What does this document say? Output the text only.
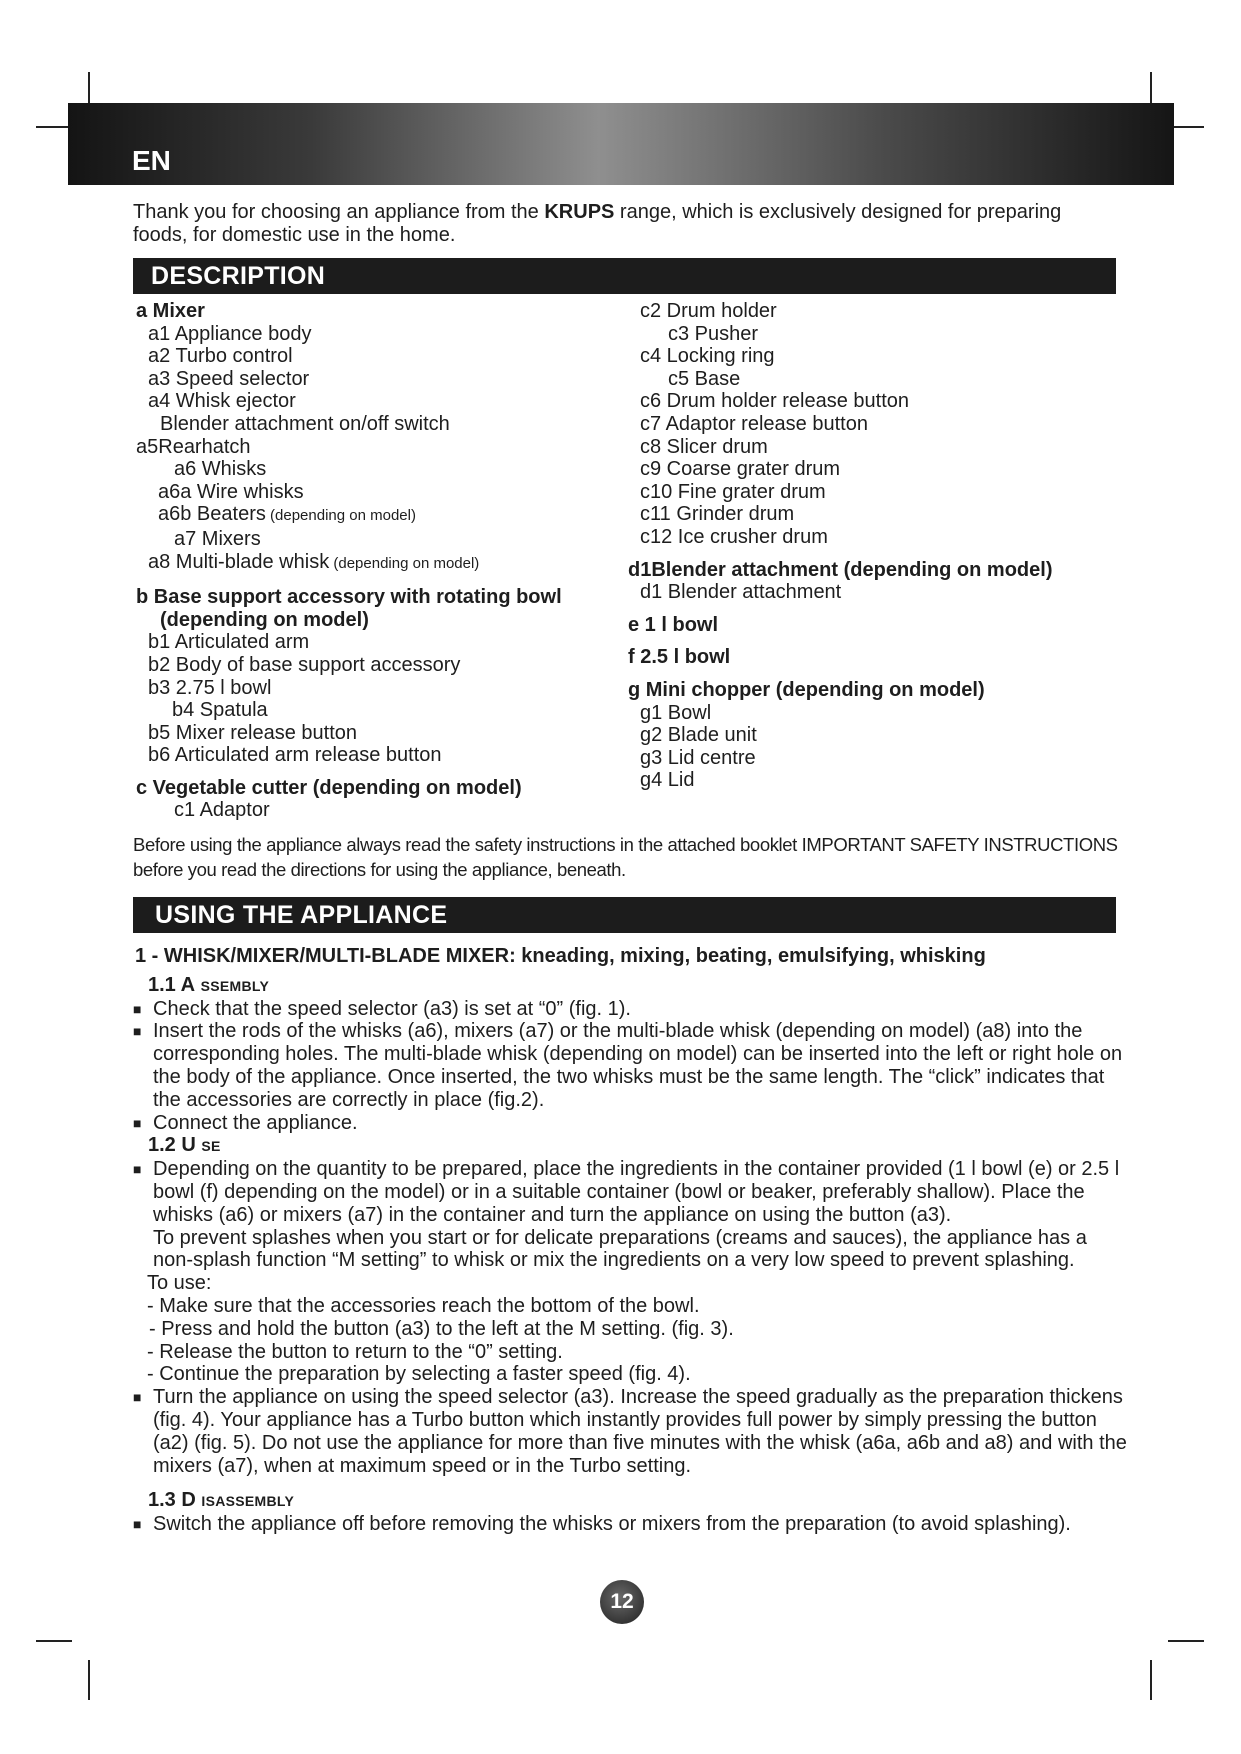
EN

Thank you for choosing an appliance from the KRUPS range, which is exclusively designed for preparing foods, for domestic use in the home.

DESCRIPTION
a Mixer
a1 Appliance body
a2 Turbo control
a3 Speed selector
a4 Whisk ejector
Blender attachment on/off switch
a5Rearhatch
a6 Whisks
a6a Wire whisks
a6b Beaters (depending on model)
a7 Mixers
a8 Multi-blade whisk (depending on model)
b Base support accessory with rotating bowl
(depending on model)
b1 Articulated arm
b2 Body of base support accessory
b3 2.75 l bowl
b4 Spatula
b5 Mixer release button
b6 Articulated arm release button
c Vegetable cutter (depending on model)
c1 Adaptor
c2 Drum holder
c3 Pusher
c4 Locking ring
c5 Base
c6 Drum holder release button
c7 Adaptor release button
c8 Slicer drum
c9 Coarse grater drum
c10 Fine grater drum
c11 Grinder drum
c12 Ice crusher drum
d1Blender attachment (depending on model)
d1 Blender attachment
e 1 l bowl
f 2.5 l bowl
g Mini chopper (depending on model)
g1 Bowl
g2 Blade unit
g3 Lid centre
g4 Lid

Before using the appliance always read the safety instructions in the attached booklet IMPORTANT SAFETY INSTRUCTIONS before you read the directions for using the appliance, beneath.

USING THE APPLIANCE
1 - WHISK/MIXER/MULTI-BLADE MIXER: kneading, mixing, beating, emulsifying, whisking
1.1 A SSEMBLY
■ Check that the speed selector (a3) is set at “0” (fig. 1).
■ Insert the rods of the whisks (a6), mixers (a7) or the multi-blade whisk (depending on model) (a8) into the corresponding holes. The multi-blade whisk (depending on model) can be inserted into the left or right hole on the body of the appliance. Once inserted, the two whisks must be the same length. The “click” indicates that the accessories are correctly in place (fig.2).
■ Connect the appliance.
1.2 U SE
■ Depending on the quantity to be prepared, place the ingredients in the container provided (1 l bowl (e) or 2.5 l bowl (f) depending on the model) or in a suitable container (bowl or beaker, preferably shallow). Place the whisks (a6) or mixers (a7) in the container and turn the appliance on using the button (a3).
To prevent splashes when you start or for delicate preparations (creams and sauces), the appliance has a non-splash function “M setting” to whisk or mix the ingredients on a very low speed to prevent splashing.
To use:
- Make sure that the accessories reach the bottom of the bowl.
- Press and hold the button (a3) to the left at the M setting. (fig. 3).
- Release the button to return to the “0” setting.
- Continue the preparation by selecting a faster speed (fig. 4).
■ Turn the appliance on using the speed selector (a3). Increase the speed gradually as the preparation thickens (fig. 4). Your appliance has a Turbo button which instantly provides full power by simply pressing the button (a2) (fig. 5). Do not use the appliance for more than five minutes with the whisk (a6a, a6b and a8) and with the mixers (a7), when at maximum speed or in the Turbo setting.
1.3 D ISASSEMBLY
■ Switch the appliance off before removing the whisks or mixers from the preparation (to avoid splashing).
12
